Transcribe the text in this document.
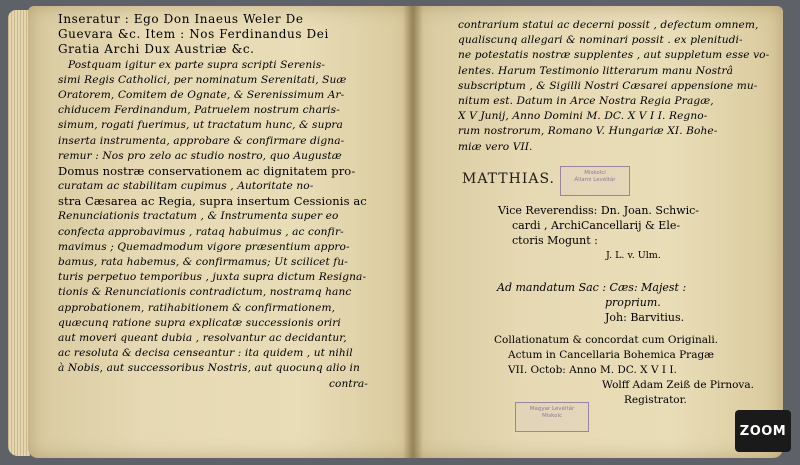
Inseratur : Ego Don Inaeus Weler De
Guevara &c. Item : Nos Ferdinandus Dei
Gratia Archi Dux Austriæ &c.
Postquam igitur ex parte supra scripti Serenis-
simi Regis Catholici, per nominatum Serenitati, Suæ
Oratorem, Comitem de Ognate, & Serenissimum Ar-
chiducem Ferdinandum, Patruelem nostrum charis-
simum, rogati fuerimus, ut tractatum hunc, & supra
inserta instrumenta, approbare & confirmare digna-
remur : Nos pro zelo ac studio nostro, quo Augustæ
Domus nostræ conservationem ac dignitatem pro-
curatam ac stabilitam cupimus , Autoritate no-
stra Cæsarea ac Regia, supra insertum Cessionis ac
Renunciationis tractatum , & Instrumenta super eo
confecta approbavimus , rataq habuimus , ac confir-
mavimus ; Quemadmodum vigore præsentium appro-
bamus, rata habemus, & confirmamus; Ut scilicet fu-
turis perpetuo temporibus , juxta supra dictum Resigna-
tionis & Renunciationis contradictum, nostramq hanc
approbationem, ratihabitionem & confirmationem,
quæcunq ratione supra explicatæ successionis oriri
aut moveri queant dubia , resolvantur ac decidantur,
ac resoluta & decisa censeantur : ita quidem , ut nihil
à Nobis, aut successoribus Nostris, aut quocunq alio in
contra-
contrarium statui ac decerni possit , defectum omnem,
qualiscunq allegari & nominari possit . ex plenitudi-
ne potestatis nostræ supplentes , aut suppletum esse vo-
lentes. Harum Testimonio litterarum manu Nostrâ
subscriptum , & Sigilli Nostri Cæsarei appensione mu-
nitum est. Datum in Arce Nostra Regia Pragæ,
X V Junij, Anno Domini M. DC. X V I I. Regno-
rum nostrorum, Romano V. Hungariæ XI. Bohe-
miæ vero VII.
MATTHIAS.
Vice Reverendiss: Dn. Joan. Schwic-
cardi , ArchiCancellarij & Ele-
ctoris Mogunt :
J. L. v. Ulm.
Ad mandatum Sac : Cæs: Majest :
proprium.
Joh: Barvitius.
Collationatum & concordat cum Originali.
Actum in Cancellaria Bohemica Pragæ
VII. Octob: Anno M. DC. X V I I.
Wolff Adam Zeiß de Pirnova.
Registrator.
Miskolci
Állami Levéltár
Magyar Levéltár
Miskolc
ZOOM
